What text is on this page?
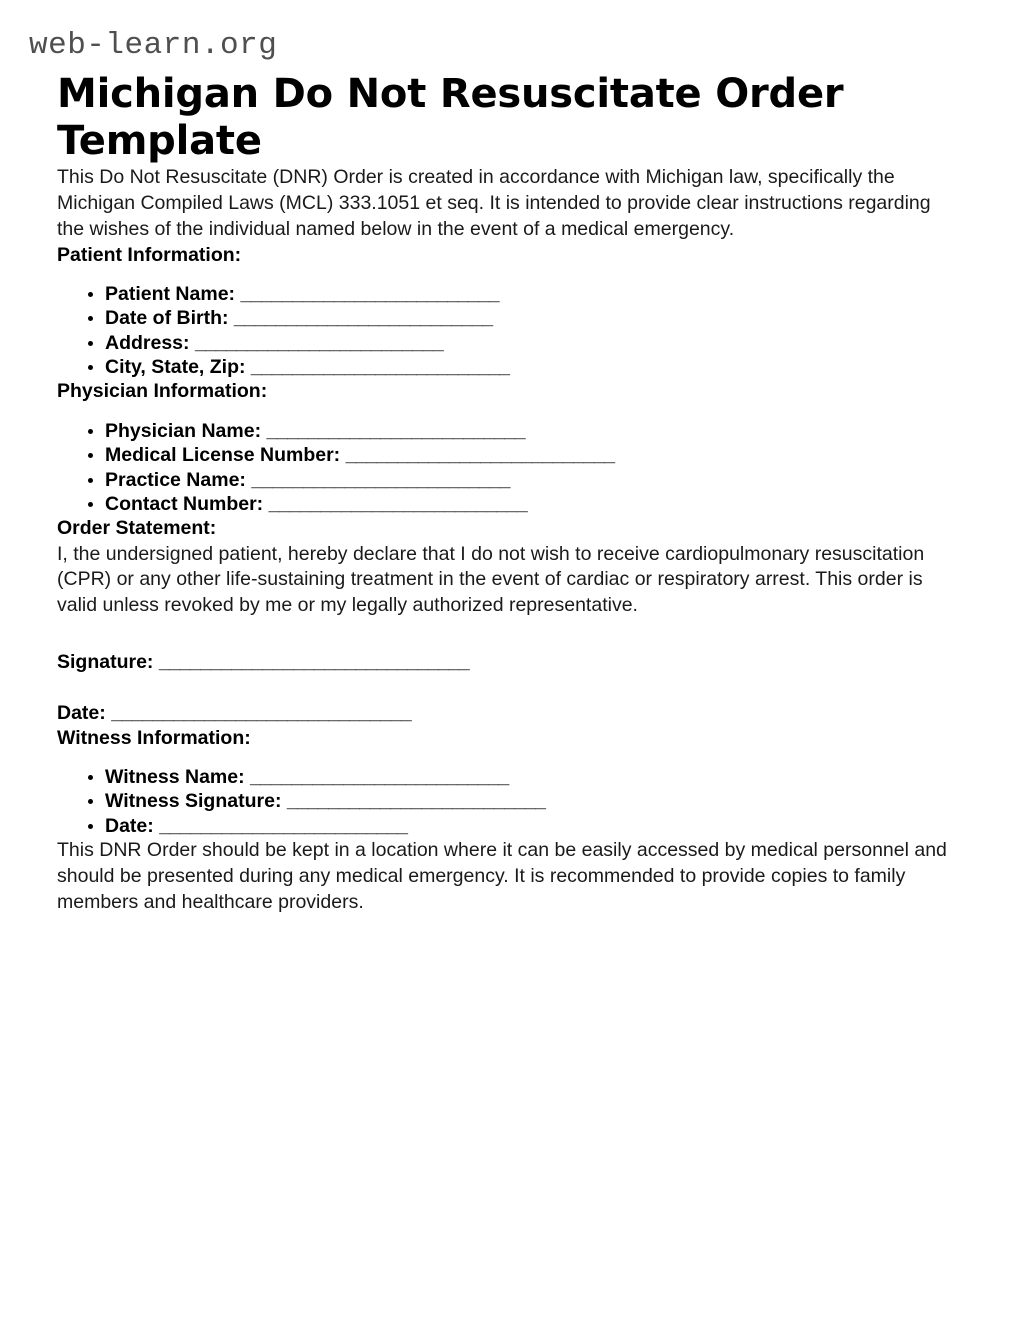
web-learn.org
Michigan Do Not Resuscitate Order Template

This Do Not Resuscitate (DNR) Order is created in accordance with Michigan law, specifically the Michigan Compiled Laws (MCL) 333.1051 et seq. It is intended to provide clear instructions regarding the wishes of the individual named below in the event of a medical emergency.

Patient Information:
Patient Name: _________________________
Date of Birth: _________________________
Address: ________________________
City, State, Zip: _________________________
Physician Information:
Physician Name: _________________________
Medical License Number: __________________________
Practice Name: _________________________
Contact Number: _________________________
Order Statement:

I, the undersigned patient, hereby declare that I do not wish to receive cardiopulmonary resuscitation (CPR) or any other life-sustaining treatment in the event of cardiac or respiratory arrest. This order is valid unless revoked by me or my legally authorized representative.

Signature: ______________________________
Date: _____________________________
Witness Information:
Witness Name: _________________________
Witness Signature: _________________________
Date: ________________________

This DNR Order should be kept in a location where it can be easily accessed by medical personnel and should be presented during any medical emergency. It is recommended to provide copies to family members and healthcare providers.
